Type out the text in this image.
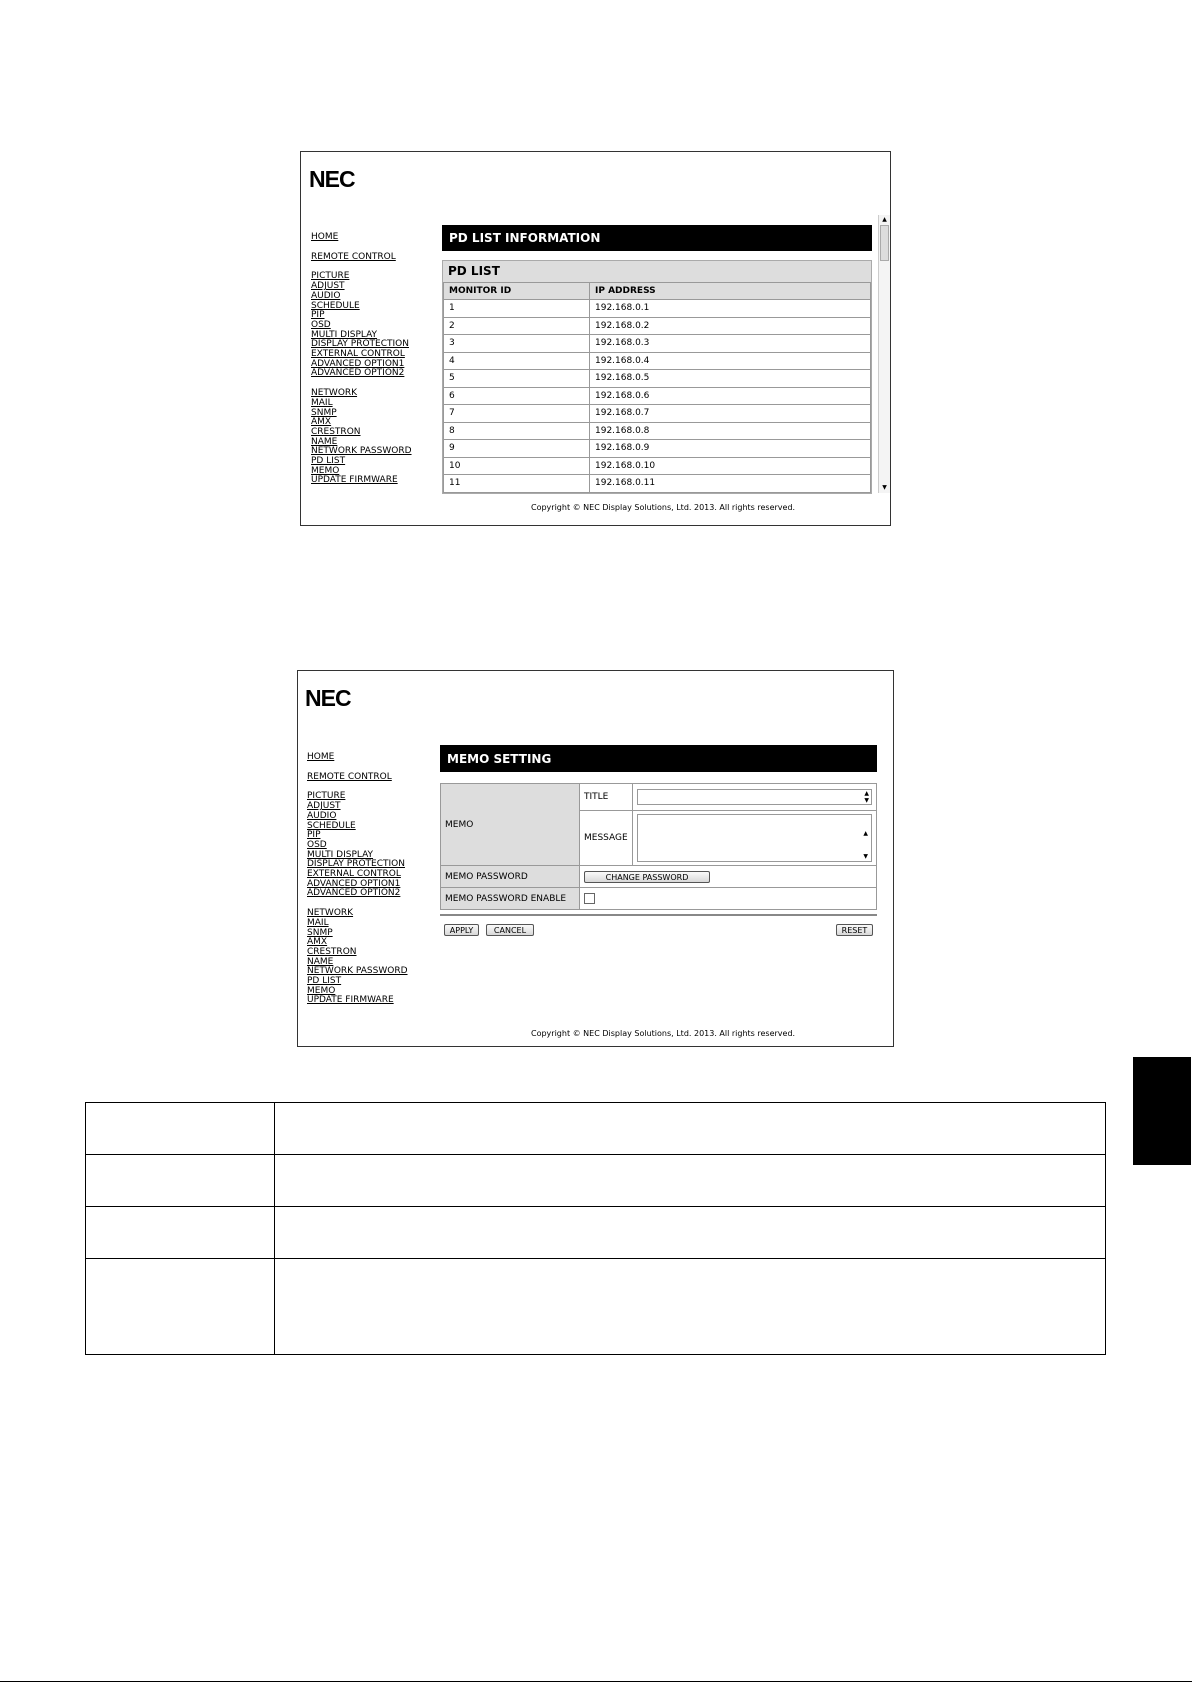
NEC
HOME
REMOTE CONTROL
PICTURE
ADJUST
AUDIO
SCHEDULE
PIP
OSD
MULTI DISPLAY
DISPLAY PROTECTION
EXTERNAL CONTROL
ADVANCED OPTION1
ADVANCED OPTION2
NETWORK
MAIL
SNMP
AMX
CRESTRON
NAME
NETWORK PASSWORD
PD LIST
MEMO
UPDATE FIRMWARE
PD LIST INFORMATION
PD LIST
MONITOR ID	IP ADDRESS
1	192.168.0.1
2	192.168.0.2
3	192.168.0.3
4	192.168.0.4
5	192.168.0.5
6	192.168.0.6
7	192.168.0.7
8	192.168.0.8
9	192.168.0.9
10	192.168.0.10
11	192.168.0.11
▲
▼
Copyright © NEC Display Solutions, Ltd. 2013. All rights reserved.
NEC
HOME
REMOTE CONTROL
PICTURE
ADJUST
AUDIO
SCHEDULE
PIP
OSD
MULTI DISPLAY
DISPLAY PROTECTION
EXTERNAL CONTROL
ADVANCED OPTION1
ADVANCED OPTION2
NETWORK
MAIL
SNMP
AMX
CRESTRON
NAME
NETWORK PASSWORD
PD LIST
MEMO
UPDATE FIRMWARE
MEMO SETTING
MEMO	TITLE	▲
▼

	MESSAGE	▲

▼

MEMO PASSWORD	CHANGE PASSWORD	
MEMO PASSWORD ENABLE		
APPLY	CANCEL	RESET
Copyright © NEC Display Solutions, Ltd. 2013. All rights reserved.
